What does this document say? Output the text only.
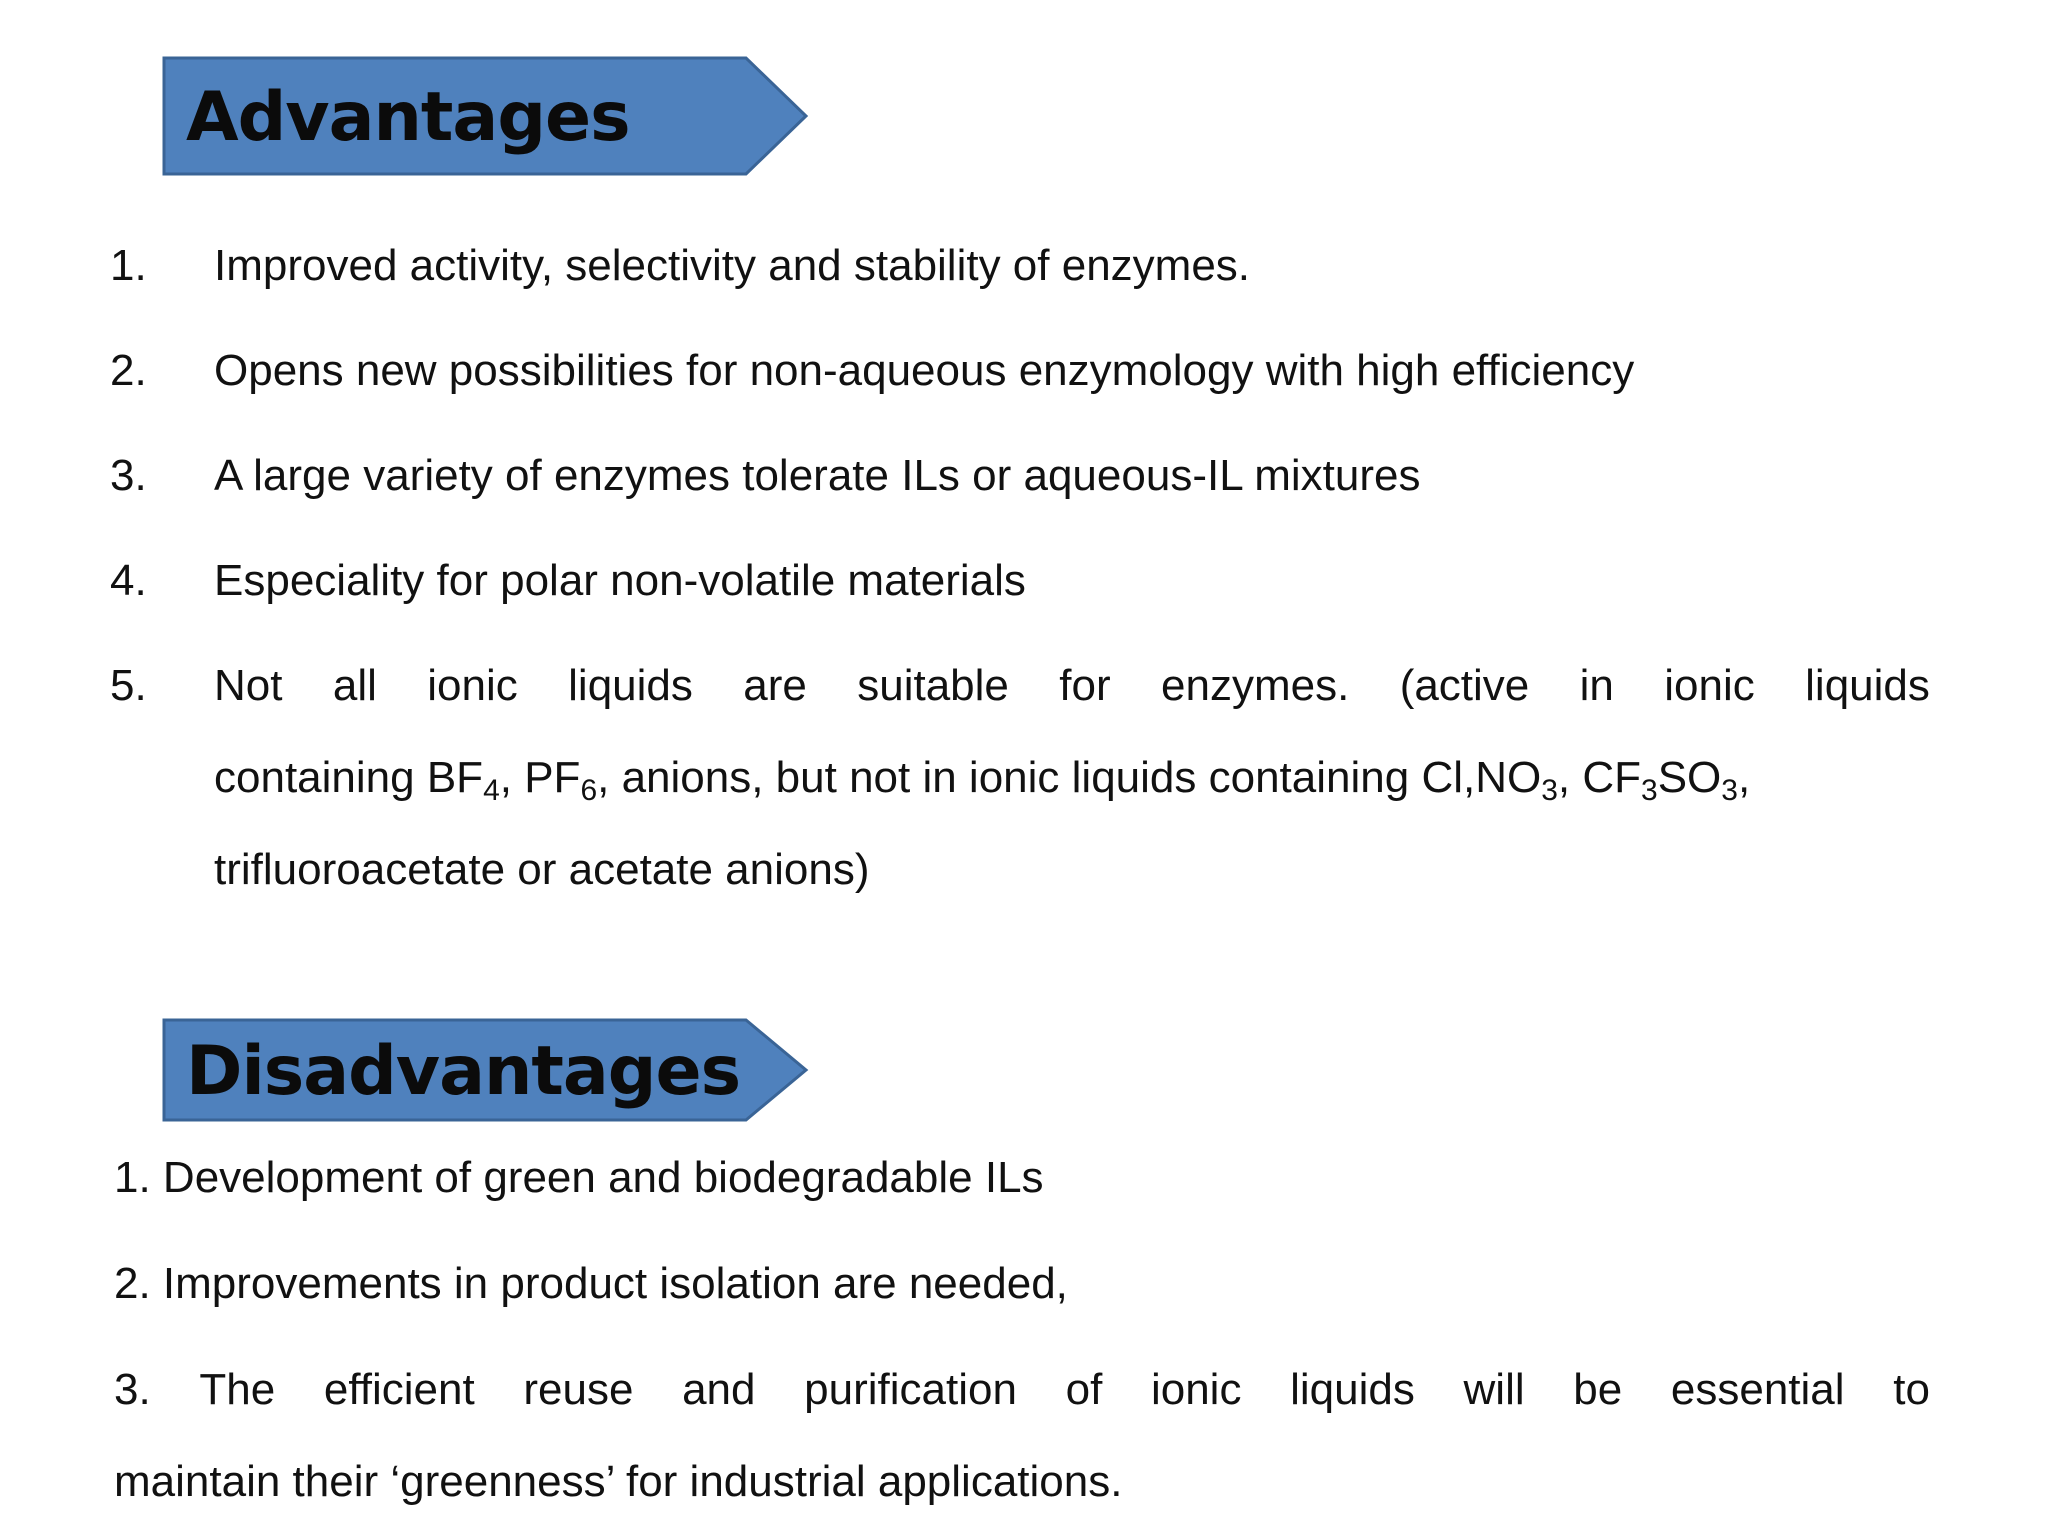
Advantages
1. Improved activity, selectivity and stability of enzymes.
2. Opens new possibilities for non-aqueous enzymology with high efficiency
3. A large variety of enzymes tolerate ILs or aqueous-IL mixtures
4. Especiality for polar non-volatile materials
5. Not all ionic liquids are suitable for enzymes. (active in ionic liquids
containing $BF_4$, $PF_6$, anions, but not in ionic liquids containing $Cl,NO_3$, $CF_3SO_3$,
trifluoroacetate or acetate anions)
Disadvantages
1. Development of green and biodegradable ILs
2. Improvements in product isolation are needed,
3. The efficient reuse and purification of ionic liquids will be essential to
maintain their ‘greenness’ for industrial applications.
